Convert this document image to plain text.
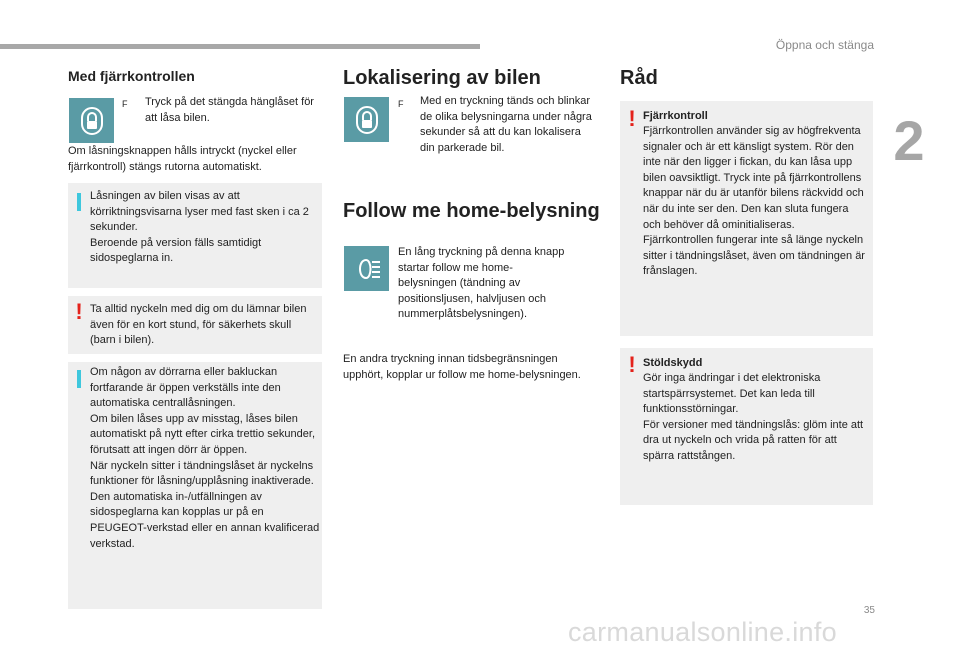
Öppna och stänga
2
Med fjärrkontrollen
F Tryck på det stängda hänglåset för att låsa bilen.

Om låsningsknappen hålls intryckt (nyckel eller fjärrkontroll) stängs rutorna automatiskt.

Låsningen av bilen visas av att körriktningsvisarna lyser med fast sken i ca 2 sekunder.
Beroende på version fälls samtidigt sidospeglarna in.

! Ta alltid nyckeln med dig om du lämnar bilen även för en kort stund, för säkerhets skull (barn i bilen).

Om någon av dörrarna eller bakluckan fortfarande är öppen verkställs inte den automatiska centrallåsningen.
Om bilen låses upp av misstag, låses bilen automatiskt på nytt efter cirka trettio sekunder, förutsatt att ingen dörr är öppen.
När nyckeln sitter i tändningslåset är nyckelns funktioner för låsning/upplåsning inaktiverade.
Den automatiska in-/utfällningen av sidospeglarna kan kopplas ur på en PEUGEOT-verkstad eller en annan kvalificerad verkstad.

Lokalisering av bilen
F Med en tryckning tänds och blinkar de olika belysningarna under några sekunder så att du kan lokalisera din parkerade bil.

Follow me home-belysning

En lång tryckning på denna knapp startar follow me home-belysningen (tändning av positionsljusen, halvljusen och nummerplåtsbelysningen).

En andra tryckning innan tidsbegränsningen upphört, kopplar ur follow me home-belysningen.

Råd
! Fjärrkontroll

Fjärrkontrollen använder sig av högfrekventa signaler och är ett känsligt system. Rör den inte när den ligger i fickan, du kan låsa upp bilen oavsiktligt. Tryck inte på fjärrkontrollens knappar när du är utanför bilens räckvidd och när du inte ser den. Den kan sluta fungera och behöver då ominitialiseras.
Fjärrkontrollen fungerar inte så länge nyckeln sitter i tändningslåset, även om tändningen är frånslagen.

! Stöldskydd

Gör inga ändringar i det elektroniska startspärrsystemet. Det kan leda till funktionsstörningar.
För versioner med tändningslås: glöm inte att dra ut nyckeln och vrida på ratten för att spärra rattstången.

35
carmanualsonline.info
